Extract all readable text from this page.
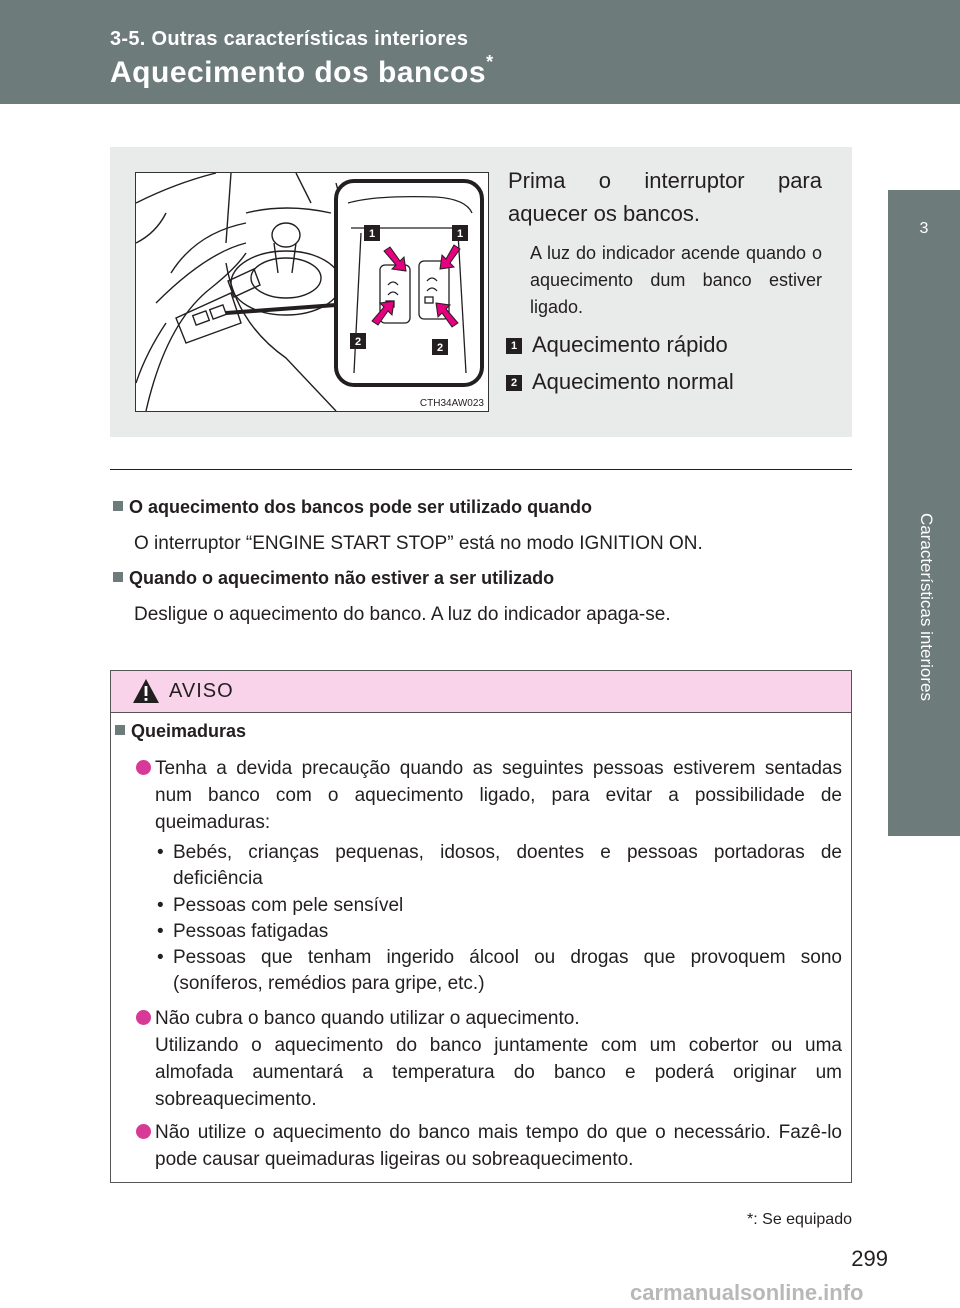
3-5. Outras características interiores
Aquecimento dos bancos*
3
Características interiores
1	1
2	2
CTH34AW023
Prima o interruptor para aquecer os bancos.
A luz do indicador acende quando o aquecimento dum banco estiver ligado.
1 Aquecimento rápido
2 Aquecimento normal
O aquecimento dos bancos pode ser utilizado quando
O interruptor “ENGINE START STOP” está no modo IGNITION ON.
Quando o aquecimento não estiver a ser utilizado
Desligue o aquecimento do banco. A luz do indicador apaga-se.
AVISO
Queimaduras
Tenha a devida precaução quando as seguintes pessoas estiverem sentadas num banco com o aquecimento ligado, para evitar a possibilidade de queimaduras:
• Bebés, crianças pequenas, idosos, doentes e pessoas portadoras de deficiência
• Pessoas com pele sensível
• Pessoas fatigadas
• Pessoas que tenham ingerido álcool ou drogas que provoquem sono (soníferos, remédios para gripe, etc.)
Não cubra o banco quando utilizar o aquecimento.
Utilizando o aquecimento do banco juntamente com um cobertor ou uma almofada aumentará a temperatura do banco e poderá originar um sobreaquecimento.
Não utilize o aquecimento do banco mais tempo do que o necessário. Fazê-lo pode causar queimaduras ligeiras ou sobreaquecimento.
*: Se equipado
299
carmanualsonline.info
